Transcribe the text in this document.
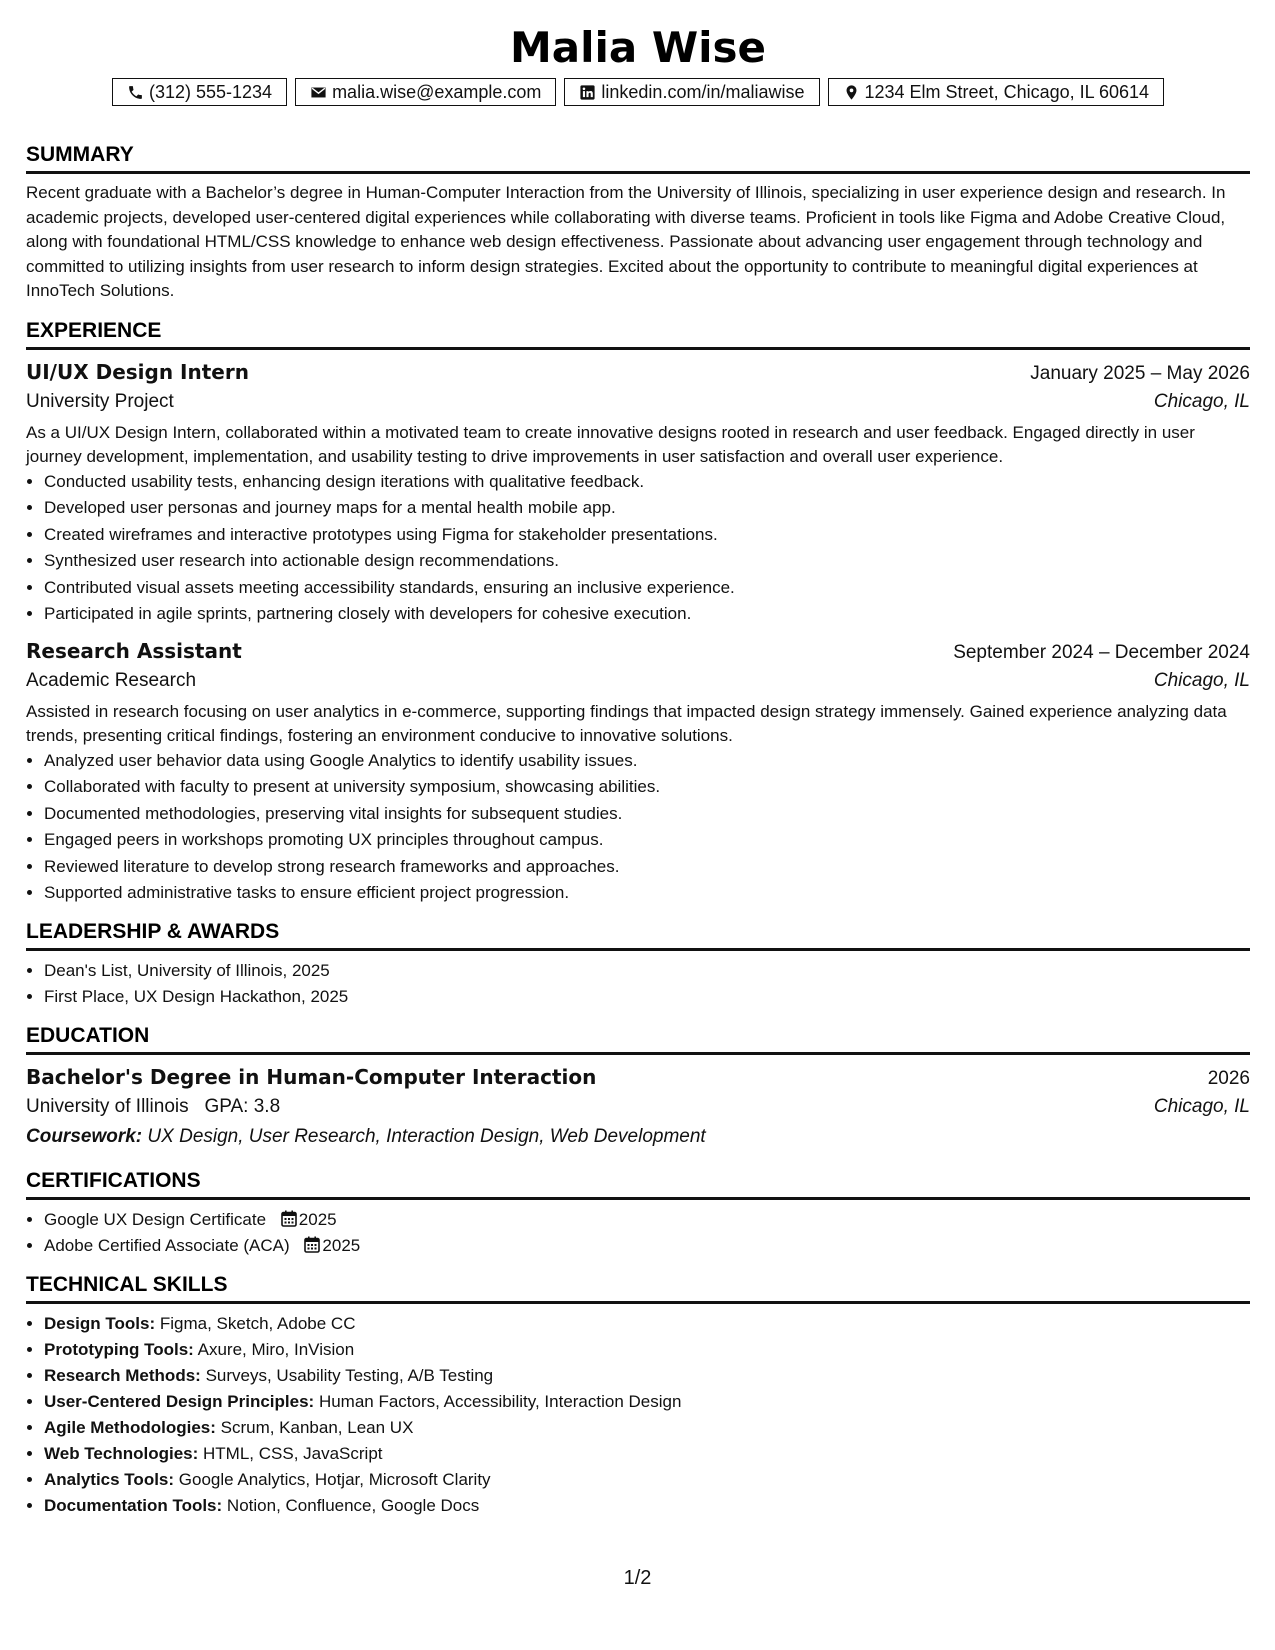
Malia Wise
(312) 555-1234	malia.wise@example.com	linkedin.com/in/maliawise	1234 Elm Street, Chicago, IL 60614
SUMMARY

Recent graduate with a Bachelor’s degree in Human-Computer Interaction from the University of Illinois, specializing in user experience design and research. In academic projects, developed user-centered digital experiences while collaborating with diverse teams. Proficient in tools like Figma and Adobe Creative Cloud, along with foundational HTML/CSS knowledge to enhance web design effectiveness. Passionate about advancing user engagement through technology and committed to utilizing insights from user research to inform design strategies. Excited about the opportunity to contribute to meaningful digital experiences at InnoTech Solutions.

EXPERIENCE
UI/UX Design Intern	January 2025 – May 2026
University Project	Chicago, IL

As a UI/UX Design Intern, collaborated within a motivated team to create innovative designs rooted in research and user feedback. Engaged directly in user journey development, implementation, and usability testing to drive improvements in user satisfaction and overall user experience.

• Conducted usability tests, enhancing design iterations with qualitative feedback.
• Developed user personas and journey maps for a mental health mobile app.
• Created wireframes and interactive prototypes using Figma for stakeholder presentations.
• Synthesized user research into actionable design recommendations.
• Contributed visual assets meeting accessibility standards, ensuring an inclusive experience.
• Participated in agile sprints, partnering closely with developers for cohesive execution.
Research Assistant	September 2024 – December 2024
Academic Research	Chicago, IL

Assisted in research focusing on user analytics in e-commerce, supporting findings that impacted design strategy immensely. Gained experience analyzing data trends, presenting critical findings, fostering an environment conducive to innovative solutions.

• Analyzed user behavior data using Google Analytics to identify usability issues.
• Collaborated with faculty to present at university symposium, showcasing abilities.
• Documented methodologies, preserving vital insights for subsequent studies.
• Engaged peers in workshops promoting UX principles throughout campus.
• Reviewed literature to develop strong research frameworks and approaches.
• Supported administrative tasks to ensure efficient project progression.
LEADERSHIP & AWARDS
• Dean's List, University of Illinois, 2025
• First Place, UX Design Hackathon, 2025
EDUCATION
Bachelor's Degree in Human-Computer Interaction	2026
University of Illinois GPA: 3.8	Chicago, IL
Coursework: UX Design, User Research, Interaction Design, Web Development
CERTIFICATIONS
• Google UX Design Certificate 2025
• Adobe Certified Associate (ACA) 2025
TECHNICAL SKILLS
• Design Tools: Figma, Sketch, Adobe CC
• Prototyping Tools: Axure, Miro, InVision
• Research Methods: Surveys, Usability Testing, A/B Testing
• User-Centered Design Principles: Human Factors, Accessibility, Interaction Design
• Agile Methodologies: Scrum, Kanban, Lean UX
• Web Technologies: HTML, CSS, JavaScript
• Analytics Tools: Google Analytics, Hotjar, Microsoft Clarity
• Documentation Tools: Notion, Confluence, Google Docs
1/2
